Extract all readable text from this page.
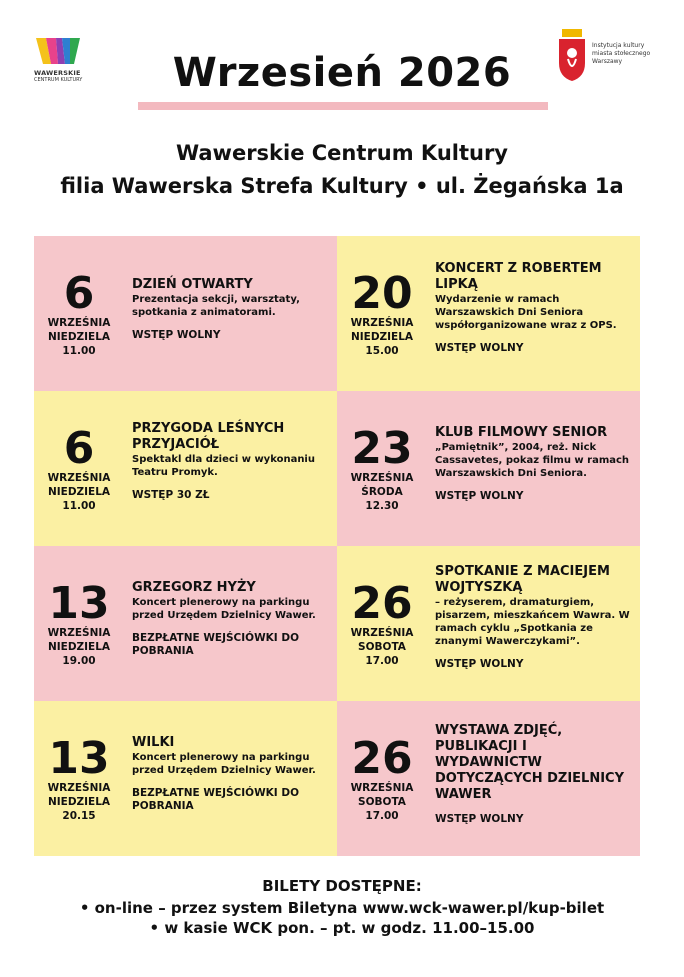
WAWERSKIE
CENTRUM KULTURY
Instytucja kultury miasta stołecznego Warszawy
Wrzesień 2026
Wawerskie Centrum Kultury
filia Wawerska Strefa Kultury • ul. Żegańska 1a
6
WRZEŚNIA
NIEDZIELA
11.00
DZIEŃ OTWARTY
Prezentacja sekcji, warsztaty, spotkania z animatorami.
WSTĘP WOLNY
20
WRZEŚNIA
NIEDZIELA
15.00
KONCERT Z ROBERTEM LIPKĄ
Wydarzenie w ramach Warszawskich Dni Seniora współorganizowane wraz z OPS.
WSTĘP WOLNY
6
WRZEŚNIA
NIEDZIELA
11.00
PRZYGODA LEŚNYCH PRZYJACIÓŁ
Spektakl dla dzieci w wykonaniu Teatru Promyk.
WSTĘP 30 ZŁ
23
WRZEŚNIA
ŚRODA
12.30
KLUB FILMOWY SENIOR
„Pamiętnik”, 2004, reż. Nick Cassavetes, pokaz filmu w ramach Warszawskich Dni Seniora.
WSTĘP WOLNY
13
WRZEŚNIA
NIEDZIELA
19.00
GRZEGORZ HYŻY
Koncert plenerowy na parkingu przed Urzędem Dzielnicy Wawer.
BEZPŁATNE WEJŚCIÓWKI DO POBRANIA
26
WRZEŚNIA
SOBOTA
17.00
SPOTKANIE Z MACIEJEM WOJTYSZKĄ
– reżyserem, dramaturgiem, pisarzem, mieszkańcem Wawra. W ramach cyklu „Spotkania ze znanymi Wawerczykami”.
WSTĘP WOLNY
13
WRZEŚNIA
NIEDZIELA
20.15
WILKI
Koncert plenerowy na parkingu przed Urzędem Dzielnicy Wawer.
BEZPŁATNE WEJŚCIÓWKI DO POBRANIA
26
WRZEŚNIA
SOBOTA
17.00
WYSTAWA ZDJĘĆ, PUBLIKACJI I WYDAWNICTW DOTYCZĄCYCH DZIELNICY WAWER
WSTĘP WOLNY
BILETY DOSTĘPNE:
• on-line – przez system Biletyna www.wck-wawer.pl/kup-bilet
• w kasie WCK pon. – pt. w godz. 11.00–15.00
